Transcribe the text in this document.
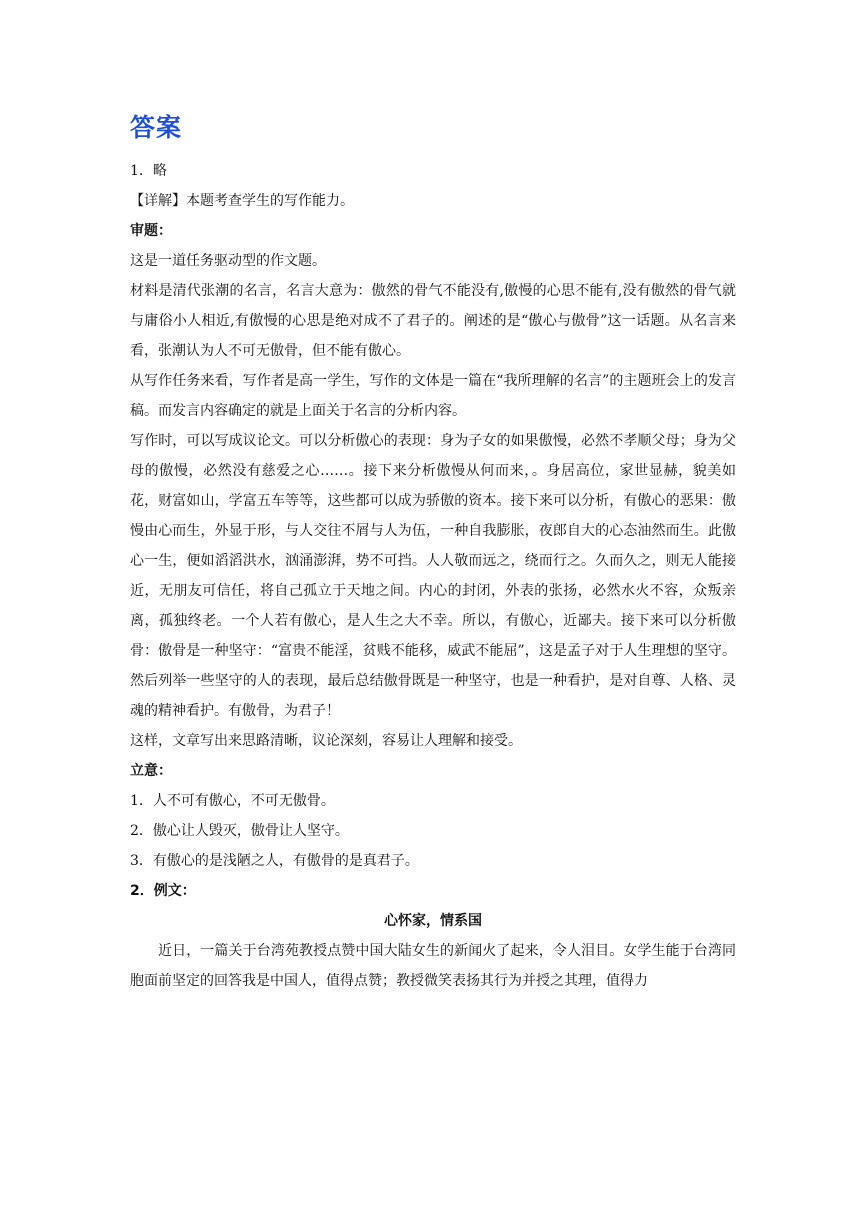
答案

1．略

【详解】本题考查学生的写作能力。

审题：

这是一道任务驱动型的作文题。

材料是清代张潮的名言，名言大意为：傲然的骨气不能没有,傲慢的心思不能有,没有傲然的骨气就与庸俗小人相近,有傲慢的心思是绝对成不了君子的。阐述的是“傲心与傲骨”这一话题。从名言来看，张潮认为人不可无傲骨，但不能有傲心。

从写作任务来看，写作者是高一学生，写作的文体是一篇在“我所理解的名言”的主题班会上的发言稿。而发言内容确定的就是上面关于名言的分析内容。

写作时，可以写成议论文。可以分析傲心的表现：身为子女的如果傲慢，必然不孝顺父母；身为父母的傲慢，必然没有慈爱之心……。接下来分析傲慢从何而来，。身居高位，家世显赫，貌美如花，财富如山，学富五车等等，这些都可以成为骄傲的资本。接下来可以分析，有傲心的恶果：傲慢由心而生，外显于形，与人交往不屑与人为伍，一种自我膨胀，夜郎自大的心态油然而生。此傲心一生，便如滔滔洪水，汹涌澎湃，势不可挡。人人敬而远之，绕而行之。久而久之，则无人能接近，无朋友可信任，将自己孤立于天地之间。内心的封闭，外表的张扬，必然水火不容，众叛亲离，孤独终老。一个人若有傲心，是人生之大不幸。所以，有傲心，近鄙夫。接下来可以分析傲骨：傲骨是一种坚守：“富贵不能淫，贫贱不能移，威武不能屈”，这是孟子对于人生理想的坚守。然后列举一些坚守的人的表现，最后总结傲骨既是一种坚守，也是一种看护，是对自尊、人格、灵魂的精神看护。有傲骨，为君子！

这样，文章写出来思路清晰，议论深刻，容易让人理解和接受。

立意：

1．人不可有傲心，不可无傲骨。

2．傲心让人毁灭，傲骨让人坚守。

3．有傲心的是浅陋之人，有傲骨的是真君子。

2．例文：

心怀家，情系国

近日，一篇关于台湾苑教授点赞中国大陆女生的新闻火了起来，令人泪目。女学生能于台湾同胞面前坚定的回答我是中国人，值得点赞；教授微笑表扬其行为并授之其理，值得力
